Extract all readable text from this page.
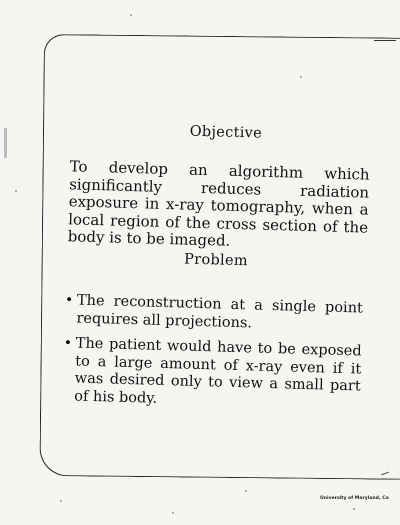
Objective
To develop an algorithm which significantly reduces radiation exposure in x-ray tomography, when a local region of the cross section of the body is to be imaged.
Problem
• The reconstruction at a single point requires all projections.
• The patient would have to be exposed to a large amount of x-ray even if it was desired only to view a small part of his body.
University of Maryland, Co
